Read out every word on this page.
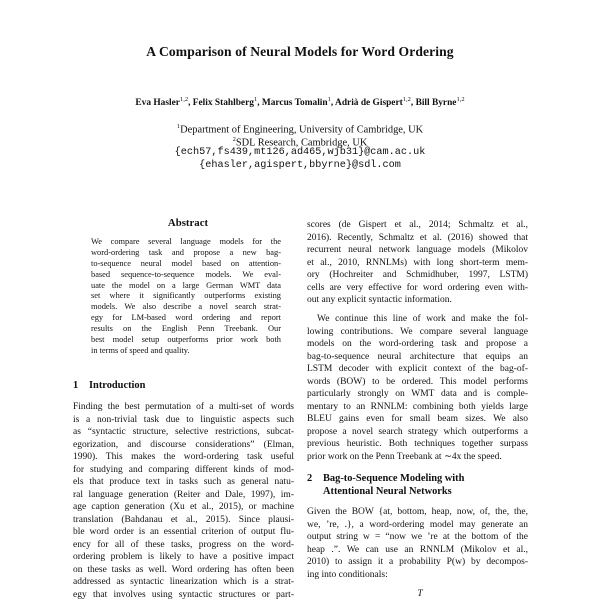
A Comparison of Neural Models for Word Ordering
Eva Hasler$^{1,2}$, Felix Stahlberg$^1$, Marcus Tomalin$^1$, Adrià de Gispert$^{1,2}$, Bill Byrne$^{1,2}$
$^1$Department of Engineering, University of Cambridge, UK
$^2$SDL Research, Cambridge, UK
{ech57,fs439,mt126,ad465,wjb31}@cam.ac.uk
{ehasler,agispert,bbyrne}@sdl.com
Abstract
We compare several language models for the
word-ordering task and propose a new bag-
to-sequence neural model based on attention-
based sequence-to-sequence models. We eval-
uate the model on a large German WMT data
set where it significantly outperforms existing
models. We also describe a novel search strat-
egy for LM-based word ordering and report
results on the English Penn Treebank. Our
best model setup outperforms prior work both
in terms of speed and quality.
1 Introduction
Finding the best permutation of a multi-set of words
is a non-trivial task due to linguistic aspects such
as “syntactic structure, selective restrictions, subcat-
egorization, and discourse considerations” (Elman,
1990). This makes the word-ordering task useful
for studying and comparing different kinds of mod-
els that produce text in tasks such as general natu-
ral language generation (Reiter and Dale, 1997), im-
age caption generation (Xu et al., 2015), or machine
translation (Bahdanau et al., 2015). Since plausi-
ble word order is an essential criterion of output flu-
ency for all of these tasks, progress on the word-
ordering problem is likely to have a positive impact
on these tasks as well. Word ordering has often been
addressed as syntactic linearization which is a strat-
egy that involves using syntactic structures or part-
scores (de Gispert et al., 2014; Schmaltz et al.,
2016). Recently, Schmaltz et al. (2016) showed that
recurrent neural network language models (Mikolov
et al., 2010, RNNLMs) with long short-term mem-
ory (Hochreiter and Schmidhuber, 1997, LSTM)
cells are very effective for word ordering even with-
out any explicit syntactic information.
We continue this line of work and make the fol-
lowing contributions. We compare several language
models on the word-ordering task and propose a
bag-to-sequence neural architecture that equips an
LSTM decoder with explicit context of the bag-of-
words (BOW) to be ordered. This model performs
particularly strongly on WMT data and is comple-
mentary to an RNNLM: combining both yields large
BLEU gains even for small beam sizes. We also
propose a novel search strategy which outperforms a
previous heuristic. Both techniques together surpass
prior work on the Penn Treebank at ∼4x the speed.
2 Bag-to-Sequence Modeling with
Attentional Neural Networks
Given the BOW {at, bottom, heap, now, of, the, the,
we, ’re, .}, a word-ordering model may generate an
output string w = “now we ’re at the bottom of the
heap .”. We can use an RNNLM (Mikolov et al.,
2010) to assign it a probability P(w) by decompos-
ing into conditionals:
T
